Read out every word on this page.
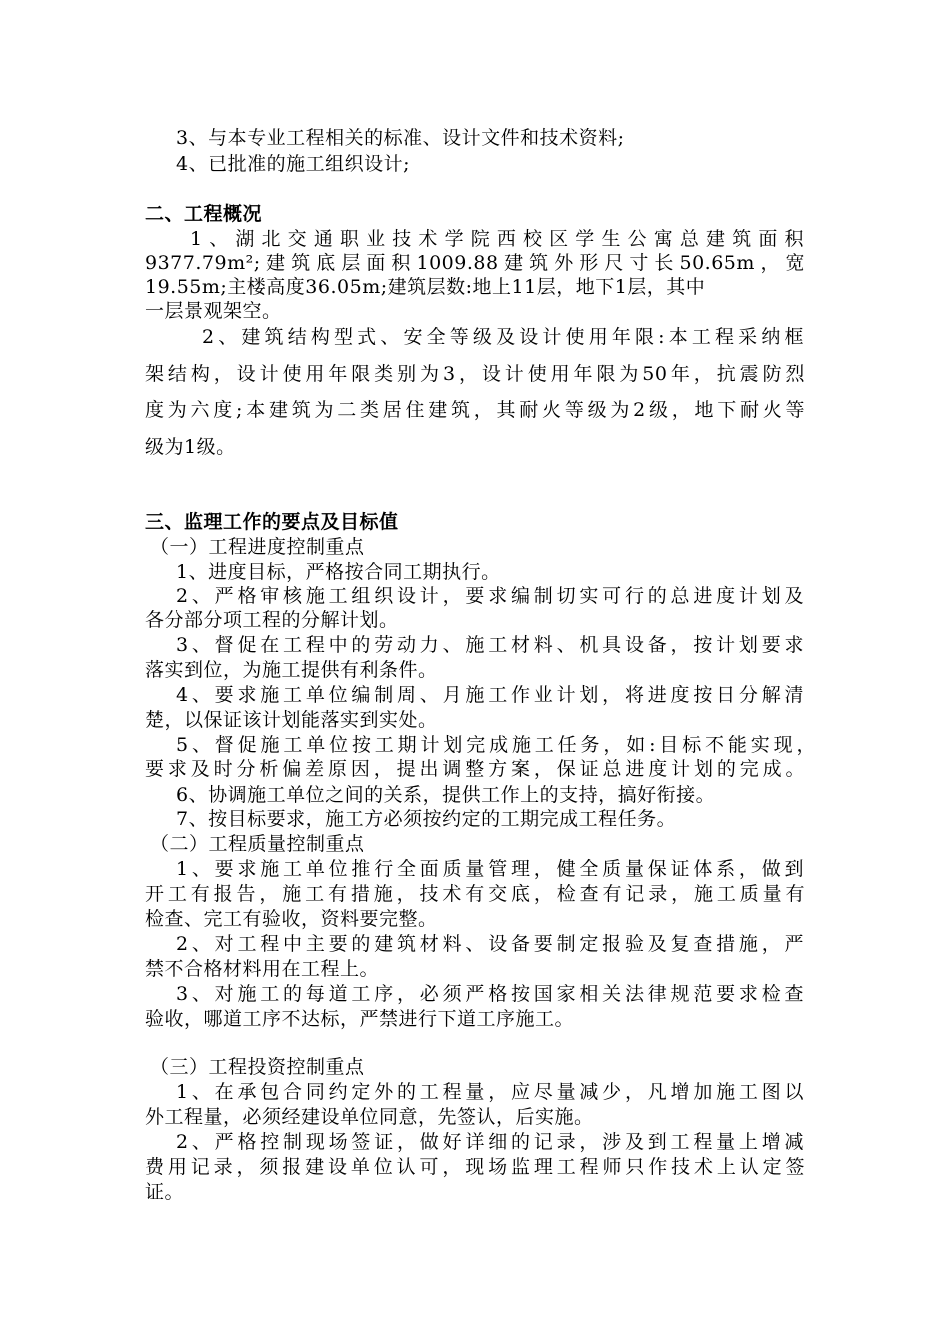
3、与本专业工程相关的标准、设计文件和技术资料;
4、已批准的施工组织设计;
二、工程概况
1、湖北交通职业技术学院西校区学生公寓总建筑面积
9377.79m²;建筑底层面积1009.88建筑外形尺寸长50.65m，宽
19.55m;主楼高度36.05m;建筑层数:地上11层，地下1层，其中
一层景观架空。
2、建筑结构型式、安全等级及设计使用年限:本工程采纳框
架结构，设计使用年限类别为3，设计使用年限为50年，抗震防烈
度为六度;本建筑为二类居住建筑，其耐火等级为2级，地下耐火等
级为1级。
三、监理工作的要点及目标值
（一）工程进度控制重点
1、进度目标，严格按合同工期执行。
2、严格审核施工组织设计，要求编制切实可行的总进度计划及
各分部分项工程的分解计划。
3、督促在工程中的劳动力、施工材料、机具设备，按计划要求
落实到位，为施工提供有利条件。
4、要求施工单位编制周、月施工作业计划，将进度按日分解清
楚，以保证该计划能落实到实处。
5、督促施工单位按工期计划完成施工任务，如:目标不能实现，
要求及时分析偏差原因，提出调整方案，保证总进度计划的完成。
6、协调施工单位之间的关系，提供工作上的支持，搞好衔接。
7、按目标要求，施工方必须按约定的工期完成工程任务。
（二）工程质量控制重点
1、要求施工单位推行全面质量管理，健全质量保证体系，做到
开工有报告，施工有措施，技术有交底，检查有记录，施工质量有
检查、完工有验收，资料要完整。
2、对工程中主要的建筑材料、设备要制定报验及复查措施，严
禁不合格材料用在工程上。
3、对施工的每道工序，必须严格按国家相关法律规范要求检查
验收，哪道工序不达标，严禁进行下道工序施工。
（三）工程投资控制重点
1、在承包合同约定外的工程量，应尽量减少，凡增加施工图以
外工程量，必须经建设单位同意，先签认，后实施。
2、严格控制现场签证，做好详细的记录，涉及到工程量上增减
费用记录，须报建设单位认可，现场监理工程师只作技术上认定签
证。
